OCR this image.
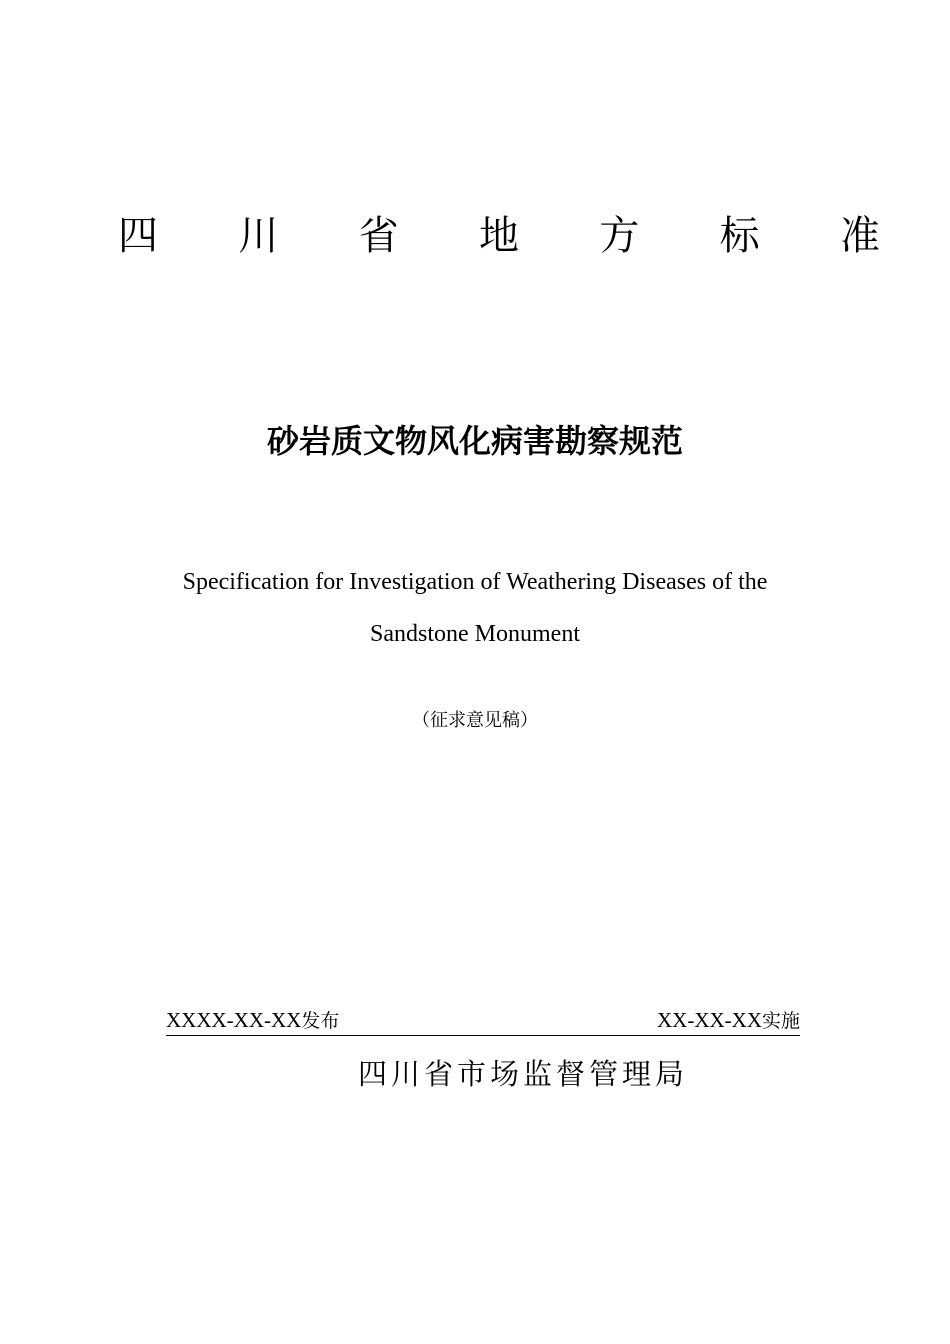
四 川 省 地 方 标 准
砂岩质文物风化病害勘察规范
Specification for Investigation of Weathering Diseases of the
Sandstone Monument
（征求意见稿）
XXXX-XX-XX发布	XX-XX-XX实施
四川省市场监督管理局
